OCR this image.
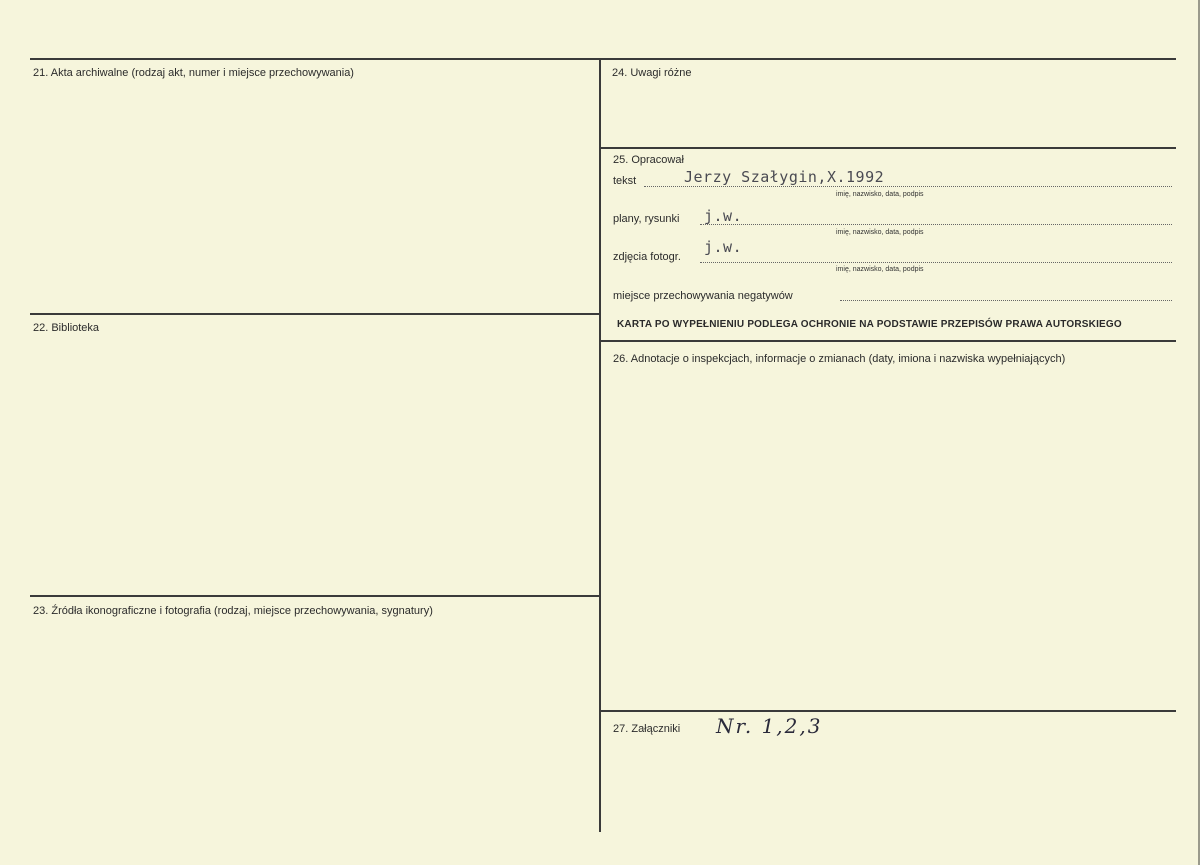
21. Akta archiwalne (rodzaj akt, numer i miejsce przechowywania)
22. Biblioteka
23. Źródła ikonograficzne i fotografia (rodzaj, miejsce przechowywania, sygnatury)
24. Uwagi różne
25. Opracował
tekst	Jerzy Szałygin,X.1992
imię, nazwisko, data, podpis
plany, rysunki j.w.
imię, nazwisko, data, podpis
zdjęcia fotogr.
j.w.
imię, nazwisko, data, podpis
miejsce przechowywania negatywów
KARTA PO WYPEŁNIENIU PODLEGA OCHRONIE NA PODSTAWIE PRZEPISÓW PRAWA AUTORSKIEGO
26. Adnotacje o inspekcjach, informacje o zmianach (daty, imiona i nazwiska wypełniających)
27. Załączniki Nr. 1,2,3
